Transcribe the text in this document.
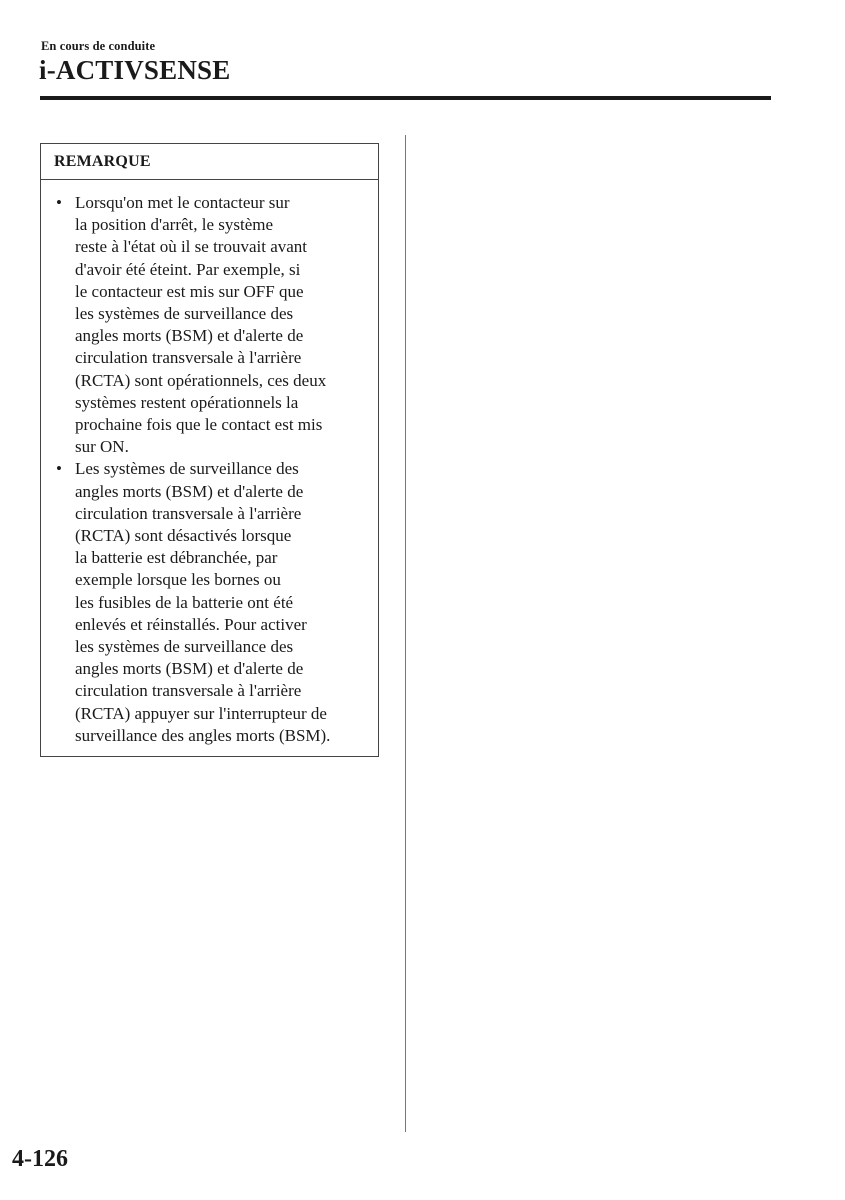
En cours de conduite
i-ACTIVSENSE
REMARQUE
• Lorsqu'on met le contacteur sur
la position d'arrêt, le système
reste à l'état où il se trouvait avant
d'avoir été éteint. Par exemple, si
le contacteur est mis sur OFF que
les systèmes de surveillance des
angles morts (BSM) et d'alerte de
circulation transversale à l'arrière
(RCTA) sont opérationnels, ces deux
systèmes restent opérationnels la
prochaine fois que le contact est mis
sur ON.
• Les systèmes de surveillance des
angles morts (BSM) et d'alerte de
circulation transversale à l'arrière
(RCTA) sont désactivés lorsque
la batterie est débranchée, par
exemple lorsque les bornes ou
les fusibles de la batterie ont été
enlevés et réinstallés. Pour activer
les systèmes de surveillance des
angles morts (BSM) et d'alerte de
circulation transversale à l'arrière
(RCTA) appuyer sur l'interrupteur de
surveillance des angles morts (BSM).
4-126
